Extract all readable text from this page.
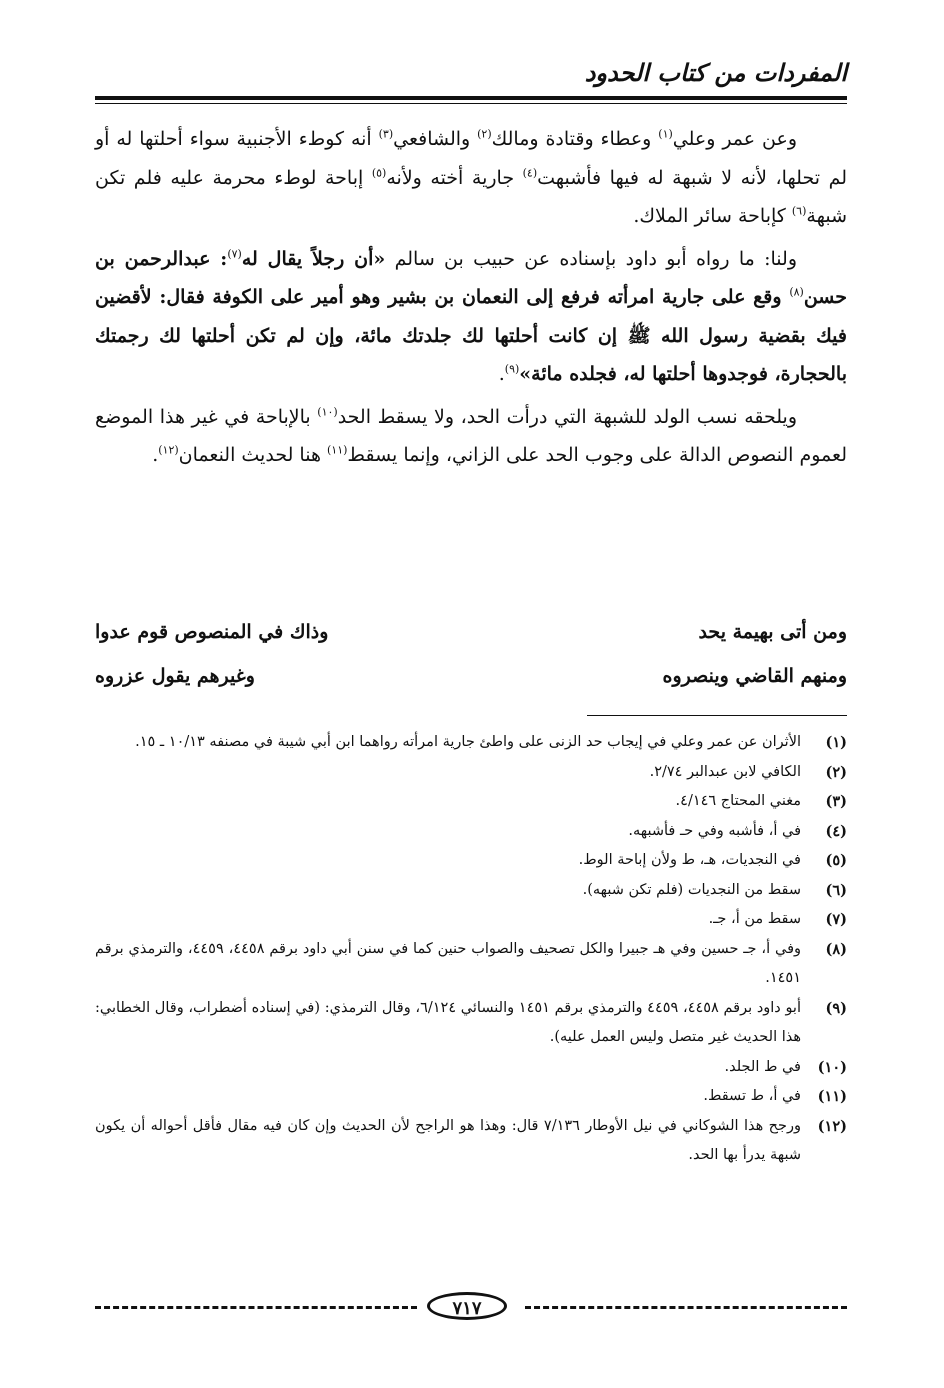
المفردات من كتاب الحدود

وعن عمر وعلي$^{(١)}$ وعطاء وقتادة ومالك$^{(٢)}$ والشافعي$^{(٣)}$ أنه كوطء الأجنبية سواء أحلتها له أو لم تحلها، لأنه لا شبهة له فيها فأشبهت$^{(٤)}$ جارية أخته ولأنه$^{(٥)}$ إباحة لوطء محرمة عليه فلم تكن شبهة$^{(٦)}$ كإباحة سائر الملاك.

ولنا: ما رواه أبو داود بإسناده عن حبيب بن سالم «أن رجلاً يقال له$^{(٧)}$: عبدالرحمن بن حسن$^{(٨)}$ وقع على جارية امرأته فرفع إلى النعمان بن بشير وهو أمير على الكوفة فقال: لأقضين فيك بقضية رسول الله ﷺ إن كانت أحلتها لك جلدتك مائة، وإن لم تكن أحلتها لك رجمتك بالحجارة، فوجدوها أحلتها له، فجلده مائة»$^{(٩)}$.

ويلحقه نسب الولد للشبهة التي درأت الحد، ولا يسقط الحد$^{(١٠)}$ بالإباحة في غير هذا الموضع لعموم النصوص الدالة على وجوب الحد على الزاني، وإنما يسقط$^{(١١)}$ هنا لحديث النعمان$^{(١٢)}$.

ومن أتى بهيمة يحد
وذاك في المنصوص قوم عدوا
ومنهم القاضي وينصروه
وغيرهم يقول عزروه
(١)
الأثران عن عمر وعلي في إيجاب حد الزنى على واطئ جارية امرأته رواهما ابن أبي شيبة في مصنفه ١٠/١٣ ـ ١٥.
(٢)
الكافي لابن عبدالبر ٢/٧٤.
(٣)
مغني المحتاج ٤/١٤٦.
(٤)
في أ، فأشبه وفي حـ فأشبهه.
(٥)
في النجديات، هـ، ط ولأن إباحة الوط.
(٦)
سقط من النجديات (فلم تكن شبهه).
(٧)
سقط من أ، جـ.
(٨)
وفي أ، جـ حسين وفي هـ جبيرا والكل تصحيف والصواب حنين كما في سنن أبي داود برقم ٤٤٥٨، ٤٤٥٩، والترمذي برقم ١٤٥١.
(٩)
أبو داود برقم ٤٤٥٨، ٤٤٥٩ والترمذي برقم ١٤٥١ والنسائي ٦/١٢٤، وقال الترمذي: (في إسناده أضطراب، وقال الخطابي: هذا الحديث غير متصل وليس العمل عليه).
(١٠)
في ط الجلد.
(١١)
في أ، ط تسقط.
(١٢)
ورجح هذا الشوكاني في نيل الأوطار ٧/١٣٦ قال: وهذا هو الراجح لأن الحديث وإن كان فيه مقال فأقل أحواله أن يكون شبهة يدرأ بها الحد.
٧١٧
